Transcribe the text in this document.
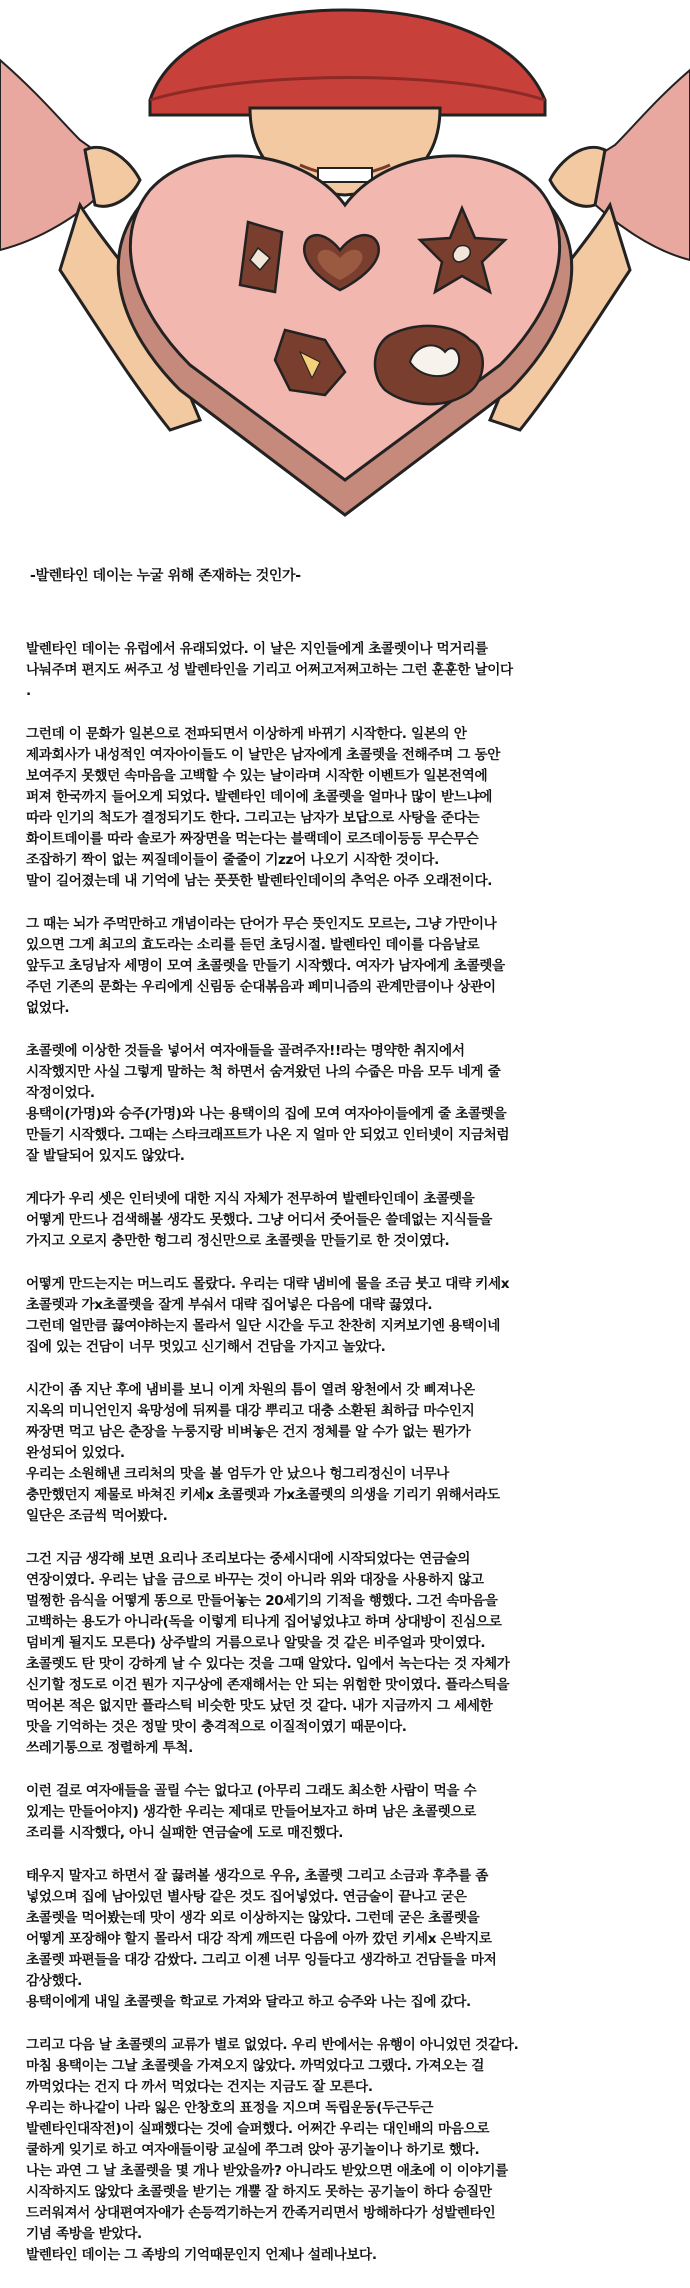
-발렌타인 데이는 누굴 위해 존재하는 것인가-
발렌타인 데이는 유럽에서 유래되었다. 이 날은 지인들에게 초콜렛이나 먹거리를
나눠주며 편지도 써주고 성 발렌타인을 기리고 어쩌고저쩌고하는 그런 훈훈한 날이다
.
그런데 이 문화가 일본으로 전파되면서 이상하게 바뀌기 시작한다. 일본의 안
제과회사가 내성적인 여자아이들도 이 날만은 남자에게 초콜렛을 전해주며 그 동안
보여주지 못했던 속마음을 고백할 수 있는 날이라며 시작한 이벤트가 일본전역에
퍼져 한국까지 들어오게 되었다. 발렌타인 데이에 초콜렛을 얼마나 많이 받느냐에
따라 인기의 척도가 결정되기도 한다. 그리고는 남자가 보답으로 사탕을 준다는
화이트데이를 따라 솔로가 짜장면을 먹는다는 블랙데이 로즈데이등등 무슨무슨
조잡하기 짝이 없는 찌질데이들이 줄줄이 기zz어 나오기 시작한 것이다.
말이 길어졌는데 내 기억에 남는 풋풋한 발렌타인데이의 추억은 아주 오래전이다.
그 때는 뇌가 주먹만하고 개념이라는 단어가 무슨 뜻인지도 모르는, 그냥 가만이나
있으면 그게 최고의 효도라는 소리를 듣던 초딩시절. 발렌타인 데이를 다음날로
앞두고 초딩남자 세명이 모여 초콜렛을 만들기 시작했다. 여자가 남자에게 초콜렛을
주던 기존의 문화는 우리에게 신림동 순대볶음과 페미니즘의 관계만큼이나 상관이
없었다.
초콜렛에 이상한 것들을 넣어서 여자애들을 골려주자!!라는 명약한 취지에서
시작했지만 사실 그렇게 말하는 척 하면서 숨겨왔던 나의 수줍은 마음 모두 네게 줄
작정이었다.
용택이(가명)와 승주(가명)와 나는 용택이의 집에 모여 여자아이들에게 줄 초콜렛을
만들기 시작했다. 그때는 스타크래프트가 나온 지 얼마 안 되었고 인터넷이 지금처럼
잘 발달되어 있지도 않았다.
게다가 우리 셋은 인터넷에 대한 지식 자체가 전무하여 발렌타인데이 초콜렛을
어떻게 만드나 검색해볼 생각도 못했다. 그냥 어디서 줏어들은 쓸데없는 지식들을
가지고 오로지 충만한 헝그리 정신만으로 초콜렛을 만들기로 한 것이였다.
어떻게 만드는지는 머느리도 몰랐다. 우리는 대략 냄비에 물을 조금 붓고 대략 키세x
초콜렛과 가x초콜렛을 잘게 부숴서 대략 집어넣은 다음에 대략 끓였다.
그런데 얼만큼 끓여야하는지 몰라서 일단 시간을 두고 찬찬히 지켜보기엔 용택이네
집에 있는 건담이 너무 멋있고 신기해서 건담을 가지고 놀았다.
시간이 좀 지난 후에 냄비를 보니 이게 차원의 틈이 열려 왕천에서 갓 삐져나온
지옥의 미니언인지 육망성에 뒤찌를 대강 뿌리고 대충 소환된 최하급 마수인지
짜장면 먹고 남은 춘장을 누룽지랑 비벼놓은 건지 정체를 알 수가 없는 뭔가가
완성되어 있었다.
우리는 소원해낸 크리처의 맛을 볼 엄두가 안 났으나 헝그리정신이 너무나
충만했던지 제물로 바쳐진 키세x 초콜렛과 가x초콜렛의 의생을 기리기 위해서라도
일단은 조금씩 먹어봤다.
그건 지금 생각해 보면 요리나 조리보다는 중세시대에 시작되었다는 연금술의
연장이였다. 우리는 납을 금으로 바꾸는 것이 아니라 위와 대장을 사용하지 않고
멀쩡한 음식을 어떻게 똥으로 만들어놓는 20세기의 기적을 행했다. 그건 속마음을
고백하는 용도가 아니라(독을 이렇게 티나게 집어넣었냐고 하며 상대방이 진심으로
덤비게 될지도 모른다) 상주발의 거름으로나 알맞을 것 같은 비주얼과 맛이였다.
초콜렛도 탄 맛이 강하게 날 수 있다는 것을 그때 알았다. 입에서 녹는다는 것 자체가
신기할 정도로 이건 뭔가 지구상에 존재해서는 안 되는 위험한 맛이였다. 플라스틱을
먹어본 적은 없지만 플라스틱 비슷한 맛도 났던 것 같다. 내가 지금까지 그 세세한
맛을 기억하는 것은 정말 맛이 충격적으로 이질적이였기 때문이다.
쓰레기통으로 정렬하게 투척.
이런 걸로 여자애들을 골릴 수는 없다고 (아무리 그래도 최소한 사람이 먹을 수
있게는 만들어야지) 생각한 우리는 제대로 만들어보자고 하며 남은 초콜렛으로
조리를 시작했다, 아니 실패한 연금술에 도로 매진했다.
태우지 말자고 하면서 잘 끓려볼 생각으로 우유, 초콜렛 그리고 소금과 후추를 좀
넣었으며 집에 남아있던 별사탕 같은 것도 집어넣었다. 연금술이 끝나고 굳은
초콜렛을 먹어봤는데 맛이 생각 외로 이상하지는 않았다. 그런데 굳은 초콜렛을
어떻게 포장해야 할지 몰라서 대강 작게 깨뜨린 다음에 아까 깠던 키세x 은박지로
초콜렛 파편들을 대강 감쌌다. 그리고 이젠 너무 잉들다고 생각하고 건담들을 마저
감상했다.
용택이에게 내일 초콜렛을 학교로 가져와 달라고 하고 승주와 나는 집에 갔다.
그리고 다음 날 초콜렛의 교류가 별로 없었다. 우리 반에서는 유행이 아니었던 것같다.
마침 용택이는 그날 초콜렛을 가져오지 않았다. 까먹었다고 그랬다. 가져오는 걸
까먹었다는 건지 다 까서 먹었다는 건지는 지금도 잘 모른다.
우리는 하나같이 나라 잃은 안창호의 표정을 지으며 독립운동(두근두근
발렌타인대작전)이 실패했다는 것에 슬퍼했다. 어쩌간 우리는 대인배의 마음으로
쿨하게 잊기로 하고 여자애들이랑 교실에 쭈그려 앉아 공기놀이나 하기로 했다.
나는 과연 그 날 초콜렛을 몇 개나 받았을까? 아니라도 받았으면 애초에 이 이야기를
시작하지도 않았다 초콜렛을 받기는 개뿔 잘 하지도 못하는 공기놀이 하다 승질만
드러워져서 상대편여자애가 손등꺽기하는거 깐족거리면서 방해하다가 성발렌타인
기념 족방을 받았다.
발렌타인 데이는 그 족방의 기억때문인지 언제나 설레나보다.
